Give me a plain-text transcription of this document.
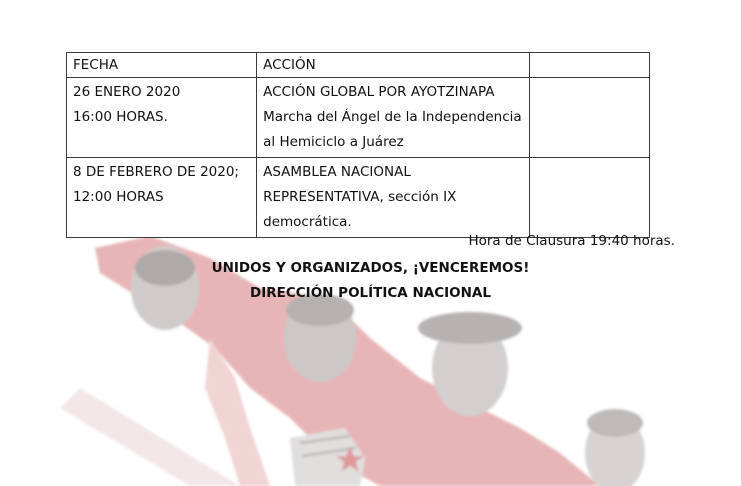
FECHA	ACCIÓN	

26 ENERO 2020
16:00 HORAS.	ACCIÓN GLOBAL POR AYOTZINAPA
Marcha del Ángel de la Independencia
al Hemiciclo a Juárez	

8 DE FEBRERO DE 2020;
12:00 HORAS	ASAMBLEA NACIONAL
REPRESENTATIVA, sección IX
democrática.	

Hora de Clausura 19:40 horas.
UNIDOS Y ORGANIZADOS, ¡VENCEREMOS!
DIRECCIÓN POLÍTICA NACIONAL
